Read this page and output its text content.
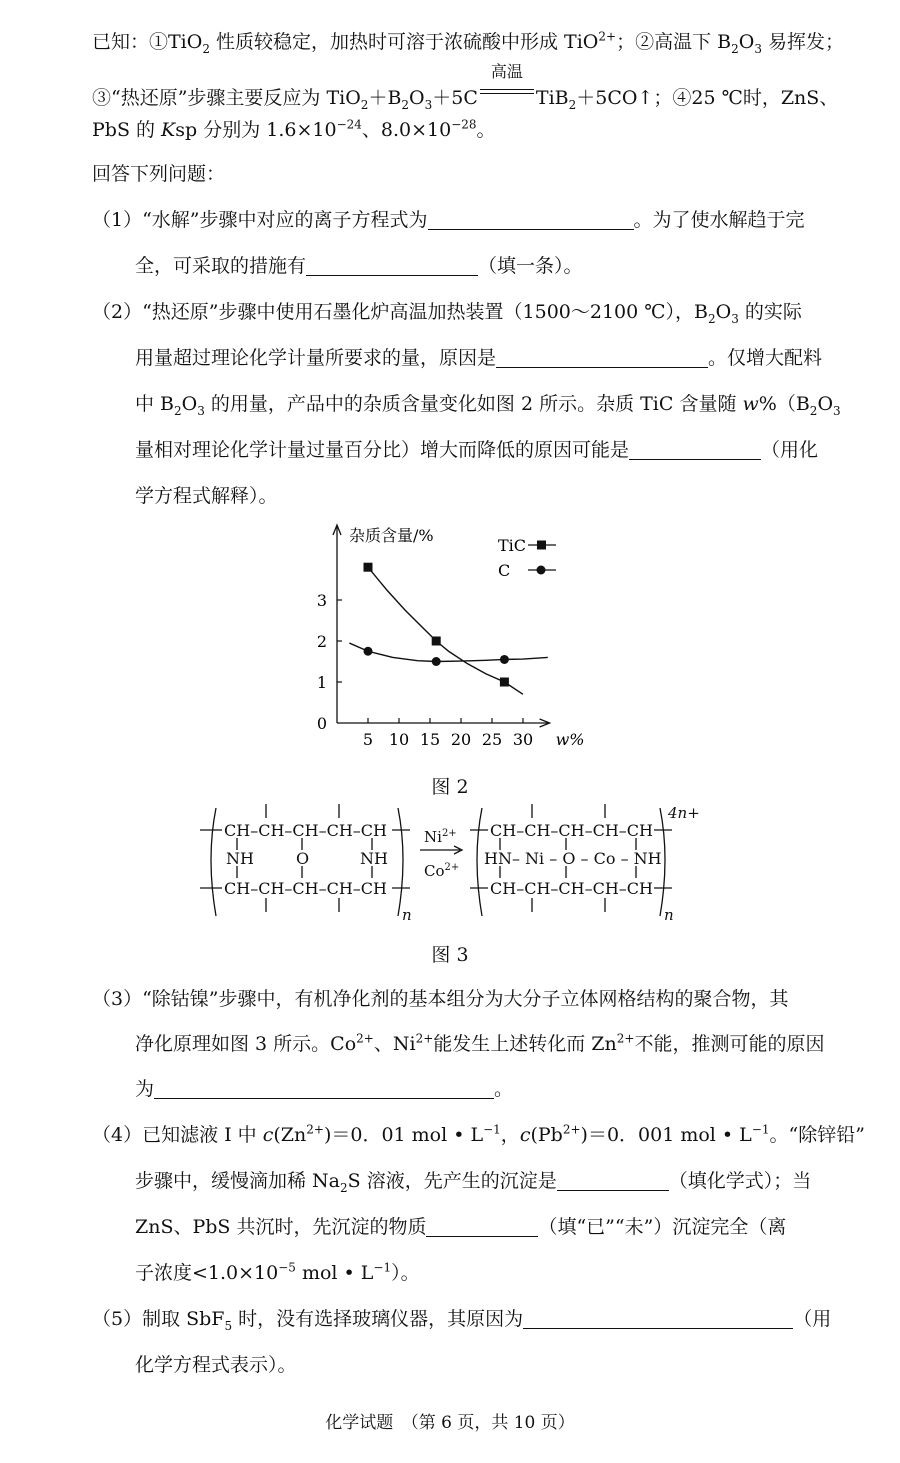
已知：①TiO$_2$ 性质较稳定，加热时可溶于浓硫酸中形成 TiO$^{2+}$；②高温下 $B_2O_3$ 易挥发；
③“热还原”步骤主要反应为 $TiO_2+B_2O_3+5C$
高温
TiB$_2$＋5CO↑；④25 ℃时，ZnS、
PbS 的 Ksp 分别为 $1.6\times 10^{-24}$、$8.0\times 10^{-28}$。
回答下列问题：
（1）“水解”步骤中对应的离子方程式为	。为了使水解趋于完
全，可采取的措施有	（填一条）。
（2）“热还原”步骤中使用石墨化炉高温加热装置（1500～2100 ℃），$B_2O_3$ 的实际
用量超过理论化学计量所要求的量，原因是	。仅增大配料
中 $B_2O_3$ 的用量，产品中的杂质含量变化如图 2 所示。杂质 TiC 含量随 $w\%(B_2O_3$
量相对理论化学计量过量百分比）增大而降低的原因可能是	（用化
学方程式解释）。
5 10 15 20 25 30
0
1
2
3
杂质含量/%
w%
TiC
C
图 2
CH–CH–CH–CH–CH
CH–CH–CH–CH–CH
NH	O	NH
$Ni^{2+}$
$Co^{2+}$
CH–CH–CH–CH–CH
CH–CH–CH–CH–CH
HN– Ni – O – Co – NH
4n+
n	n
图 3
（3）“除钴镍”步骤中，有机净化剂的基本组分为大分子立体网格结构的聚合物，其
净化原理如图 3 所示。$Co^{2+}$、$Ni^{2+}$能发生上述转化而 $Zn^{2+}$不能，推测可能的原因
为	。
（4）已知滤液 I 中 $c(Zn^{2+})=0$．01 mol • $L^{-1}$，$c(Pb^{2+})=0$．001 mol • $L^{-1}$。“除锌铅”
步骤中，缓慢滴加稀 $Na_2S$ 溶液，先产生的沉淀是	（填化学式）；当
ZnS、PbS 共沉时，先沉淀的物质	（填“已”“未”）沉淀完全（离
子浓度$<1.0\times 10^{-5}$ mol • $L^{-1}$）。
（5）制取 SbF$_5$ 时，没有选择玻璃仪器，其原因为	（用
化学方程式表示）。
化学试题　（第 6 页，共 10 页）
